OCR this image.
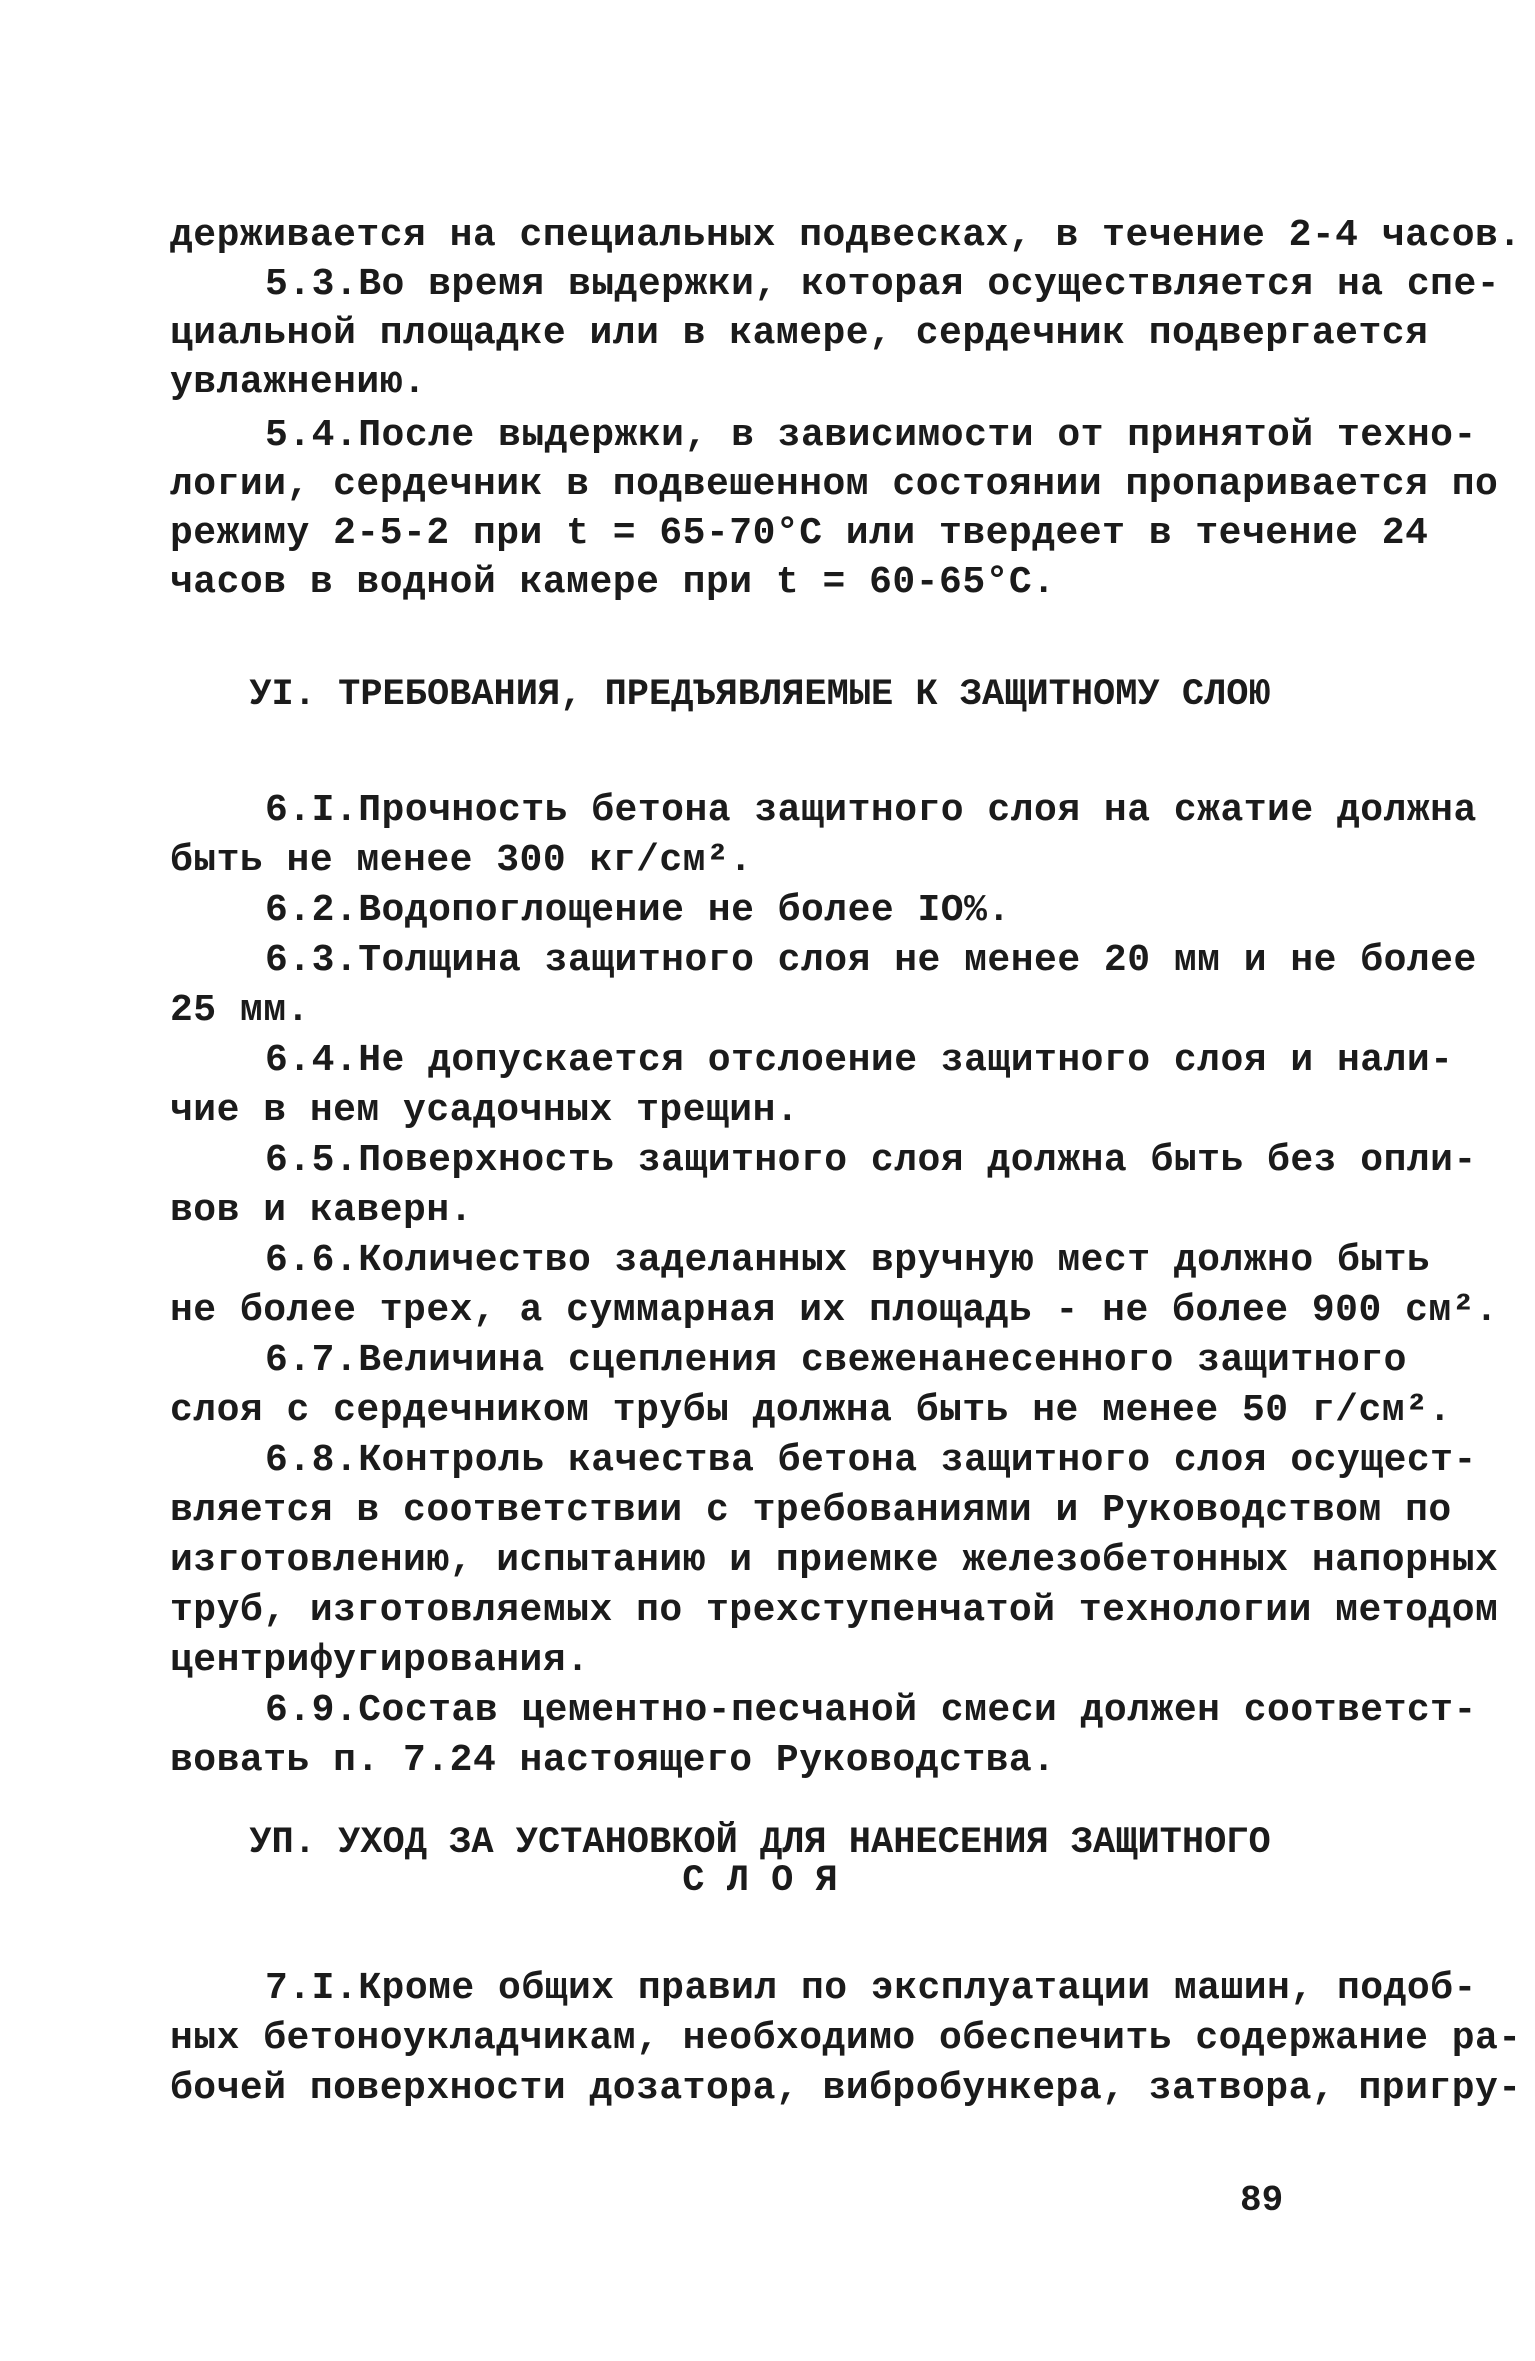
держивается на специальных подвесках, в течение 2-4 часов.
5.3.Во время выдержки, которая осуществляется на спе-
циальной площадке или в камере, сердечник подвергается
увлажнению.
5.4.После выдержки, в зависимости от принятой техно-
логии, сердечник в подвешенном состоянии пропаривается по
режиму 2-5-2 при t = 65-70°С или твердеет в течение 24
часов в водной камере при t = 60-65°С.
УI. ТРЕБОВАНИЯ, ПРЕДЪЯВЛЯЕМЫЕ К ЗАЩИТНОМУ СЛОЮ
6.I.Прочность бетона защитного слоя на сжатие должна
быть не менее 300 кг/см².
6.2.Водопоглощение не более IО%.
6.3.Толщина защитного слоя не менее 20 мм и не более
25 мм.
6.4.Не допускается отслоение защитного слоя и нали-
чие в нем усадочных трещин.
6.5.Поверхность защитного слоя должна быть без опли-
вов и каверн.
6.6.Количество заделанных вручную мест должно быть
не более трех, а суммарная их площадь - не более 900 см².
6.7.Величина сцепления свеженанесенного защитного
слоя с сердечником трубы должна быть не менее 50 г/см².
6.8.Контроль качества бетона защитного слоя осущест-
вляется в соответствии с требованиями и Руководством по
изготовлению, испытанию и приемке железобетонных напорных
труб, изготовляемых по трехступенчатой технологии методом
центрифугирования.
6.9.Состав цементно-песчаной смеси должен соответст-
вовать п. 7.24 настоящего Руководства.
УП. УХОД ЗА УСТАНОВКОЙ ДЛЯ НАНЕСЕНИЯ ЗАЩИТНОГО
С Л О Я
7.I.Кроме общих правил по эксплуатации машин, подоб-
ных бетоноукладчикам, необходимо обеспечить содержание ра-
бочей поверхности дозатора, вибробункера, затвора, пригру-
89
